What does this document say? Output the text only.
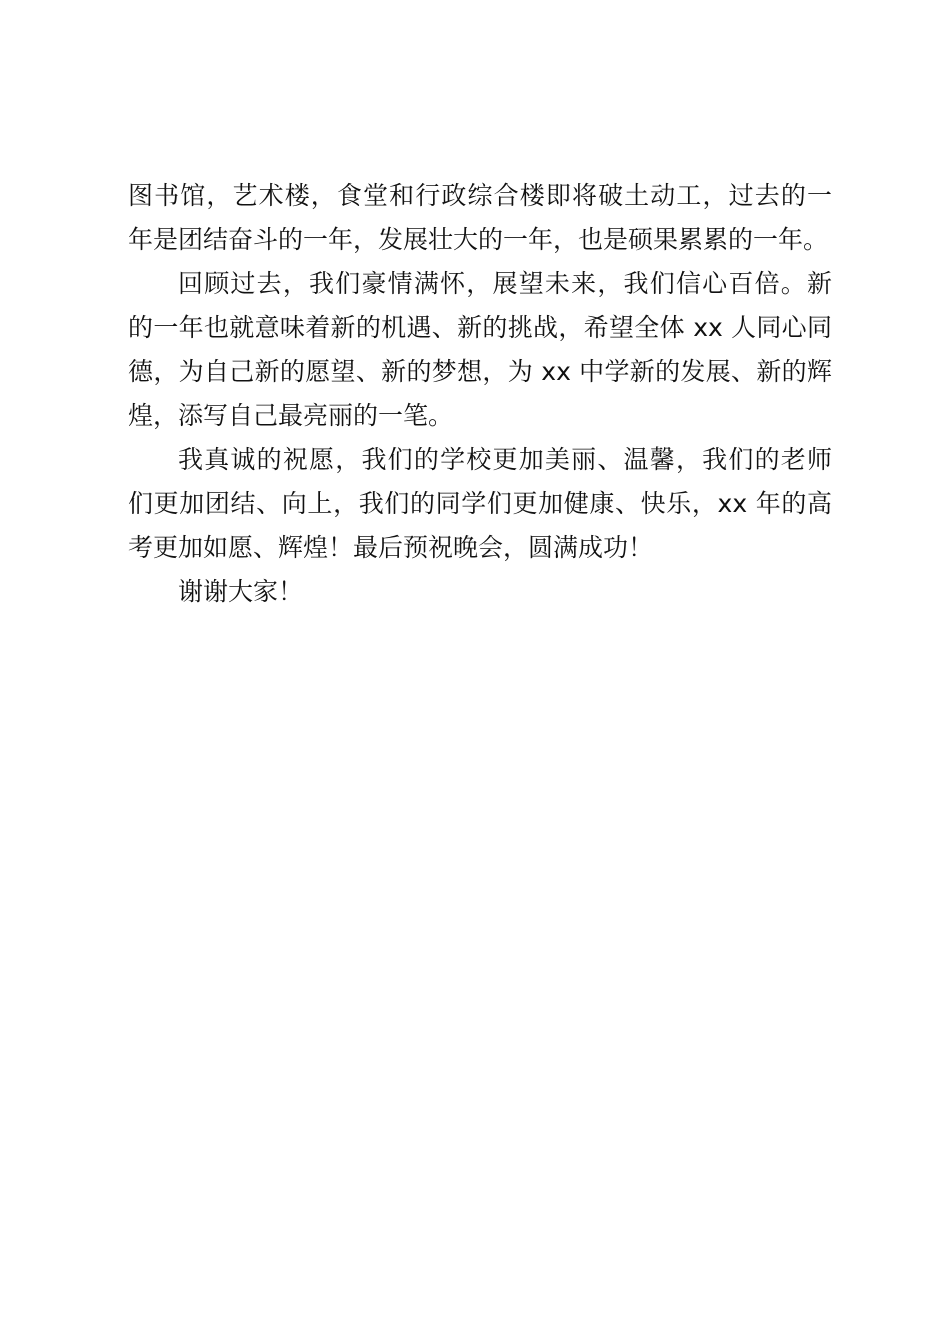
图书馆，艺术楼，食堂和行政综合楼即将破土动工，过去的一
年是团结奋斗的一年，发展壮大的一年，也是硕果累累的一年。
回顾过去，我们豪情满怀，展望未来，我们信心百倍。新
的一年也就意味着新的机遇、新的挑战，希望全体 xx 人同心同
德，为自己新的愿望、新的梦想，为 xx 中学新的发展、新的辉
煌，添写自己最亮丽的一笔。
我真诚的祝愿，我们的学校更加美丽、温馨，我们的老师
们更加团结、向上，我们的同学们更加健康、快乐，xx 年的高
考更加如愿、辉煌！最后预祝晚会，圆满成功！
谢谢大家！
